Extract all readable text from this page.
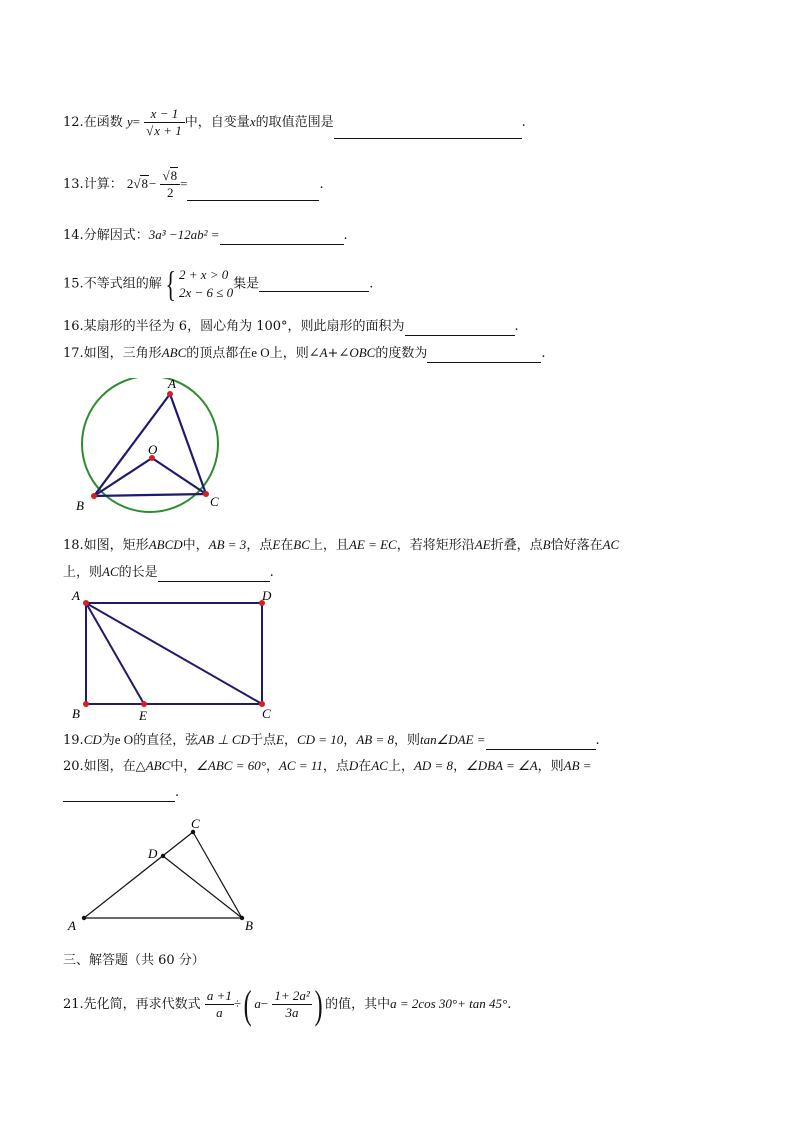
12.在函数 $y= \frac{x - 1}{√x + 1}$ 中，自变量x的取值范围是	.
13.计算： $2√8- \frac{√8}{2}$ =	.
14.分解因式：3a³ −12ab² =	.
15.不等式组的解{ 2 + x > 0
2x − 6 ≤ 0
集是	.
16.某扇形的半径为 6，圆心角为 100°，则此扇形的面积为	.
17.如图，三角形ABC的顶点都在e O上，则∠A+∠OBC的度数为	.
A
O
B	C
18.如图，矩形ABCD中，AB = 3，点E在BC上，且AE = EC，若将矩形沿AE折叠，点B恰好落在AC
上，则AC的长是	.
A	D
B	E	C
19.CD为e O的直径，弦AB ⊥ CD于点E，CD = 10，AB = 8，则tan∠DAE =	.
20.如图，在△ABC中，∠ABC = 60°，AC = 11，点D在AC上，AD = 8，∠DBA = ∠A，则AB =
.
C
D
A	B
三、解答题（共 60 分）
21.先化简，再求代数式 $\frac{a +1}{a}$ ÷( $a- \frac{\text{1+ 2a²}}{3a}$ ) 的值，其中a = 2cos 30°+ tan 45°.
